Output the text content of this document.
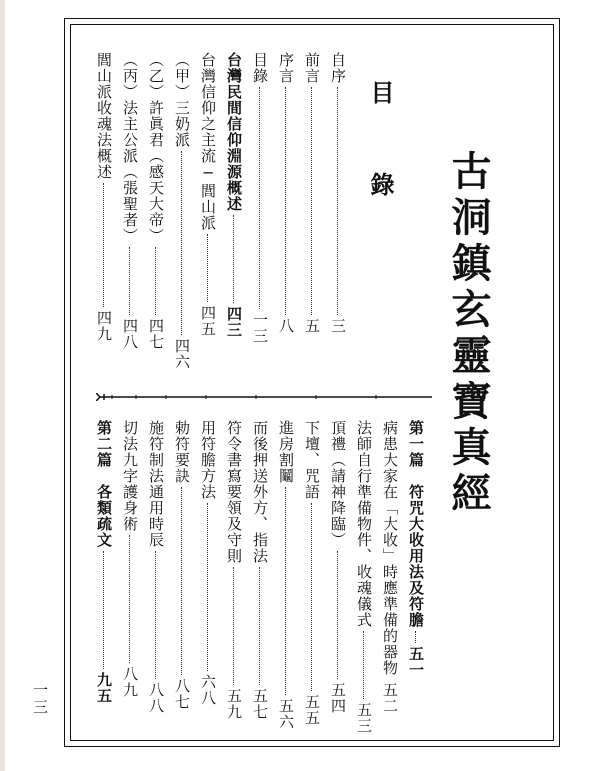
古洞鎮玄靈寶真經
目
錄
自序三
前言五
序言八
目錄一三
台灣民間信仰淵源概述四三
台灣信仰之主流─閭山派四五
（甲）三奶派四六
（乙）許眞君（感天大帝）四七
（丙）法主公派（張聖者）四八
閭山派收魂法概述四九
第一篇　符咒大收用法及符膽五一
病患大家在「大收」時應準備的器物五二
法師自行準備物件、收魂儀式五三
頂禮（請神降臨）五四
下壇、咒語五五
進房割鬮五六
而後押送外方、指法五七
符令書寫要領及守則五九
用符膽方法六八
勅符要訣八七
施符制法通用時辰八八
切法九字護身術八九
第二篇　各類疏文九五
一三
